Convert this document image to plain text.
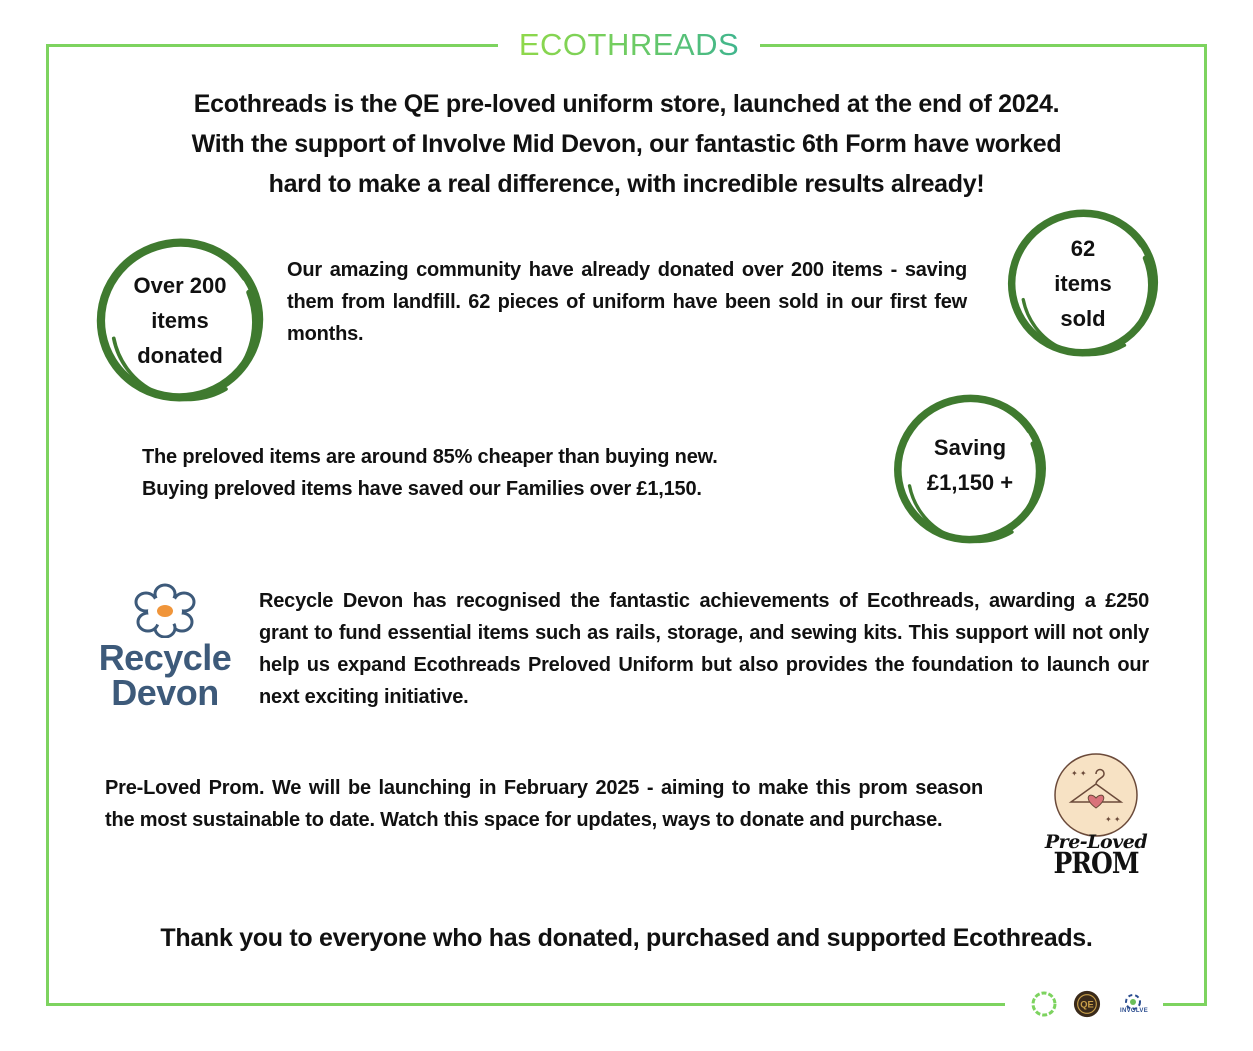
ECOTHREADS
Ecothreads is the QE pre-loved uniform store, launched at the end of 2024.
With the support of Involve Mid Devon, our fantastic 6th Form have worked
hard to make a real difference, with incredible results already!
Over 200
items
donated
Our amazing community have already donated over 200 items - saving them from landfill. 62 pieces of uniform have been sold in our first few months.
62
items
sold
The preloved items are around 85% cheaper than buying new.
Buying preloved items have saved our Families over £1,150.
Saving
£1,150 +
Recycle
Devon
Recycle Devon has recognised the fantastic achievements of Ecothreads, awarding a £250 grant to fund essential items such as rails, storage, and sewing kits. This support will not only help us expand Ecothreads Preloved Uniform but also provides the foundation to launch our next exciting initiative.
Pre-Loved Prom. We will be launching in February 2025 - aiming to make this prom season the most sustainable to date. Watch this space for updates, ways to donate and purchase.
✦ ✦
✦ ✦
Pre-Loved
PROM
Thank you to everyone who has donated, purchased and supported Ecothreads.
QE
INVOLVE
